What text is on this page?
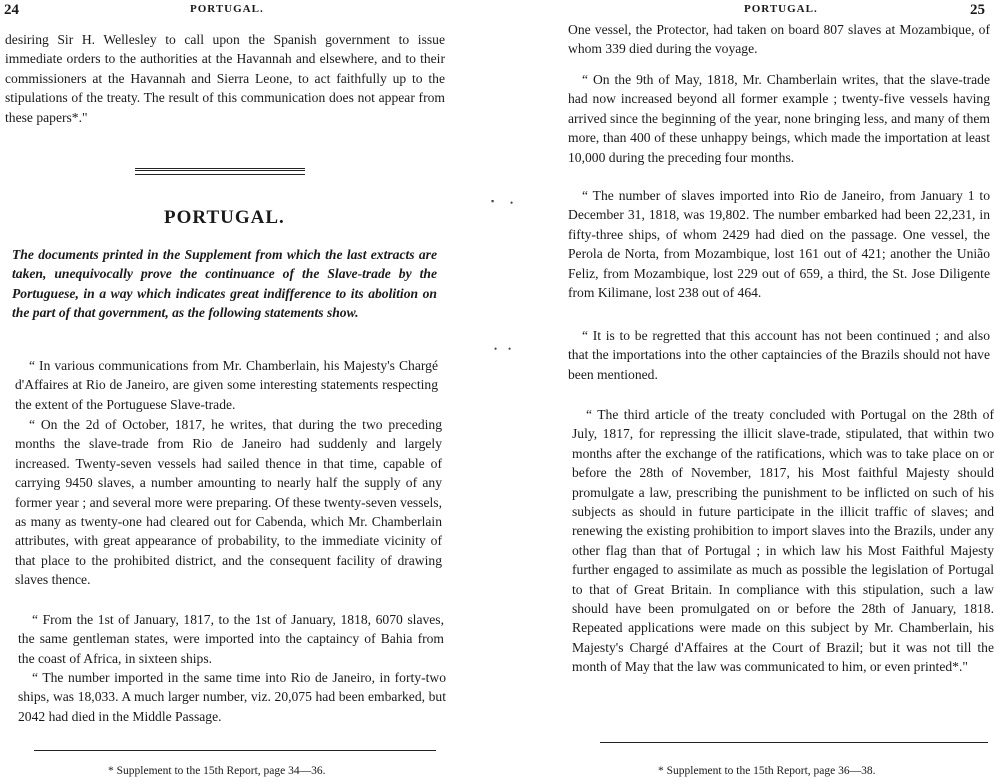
24	PORTUGAL.

desiring Sir H. Wellesley to call upon the Spanish government to issue immediate orders to the authorities at the Havannah and elsewhere, and to their commissioners at the Havannah and Sierra Leone, to act faithfully up to the stipulations of the treaty. The result of this communication does not appear from these papers*."

PORTUGAL.

The documents printed in the Supplement from which the last extracts are taken, unequivocally prove the continuance of the Slave-trade by the Portuguese, in a way which indicates great indifference to its abolition on the part of that government, as the following statements show.

“ In various communications from Mr. Chamberlain, his Majesty's Chargé d'Affaires at Rio de Janeiro, are given some interesting statements respecting the extent of the Portuguese Slave-trade.

“ On the 2d of October, 1817, he writes, that during the two preceding months the slave-trade from Rio de Janeiro had suddenly and largely increased. Twenty-seven vessels had sailed thence in that time, capable of carrying 9450 slaves, a number amounting to nearly half the supply of any former year ; and several more were preparing. Of these twenty-seven vessels, as many as twenty-one had cleared out for Cabenda, which Mr. Chamberlain attributes, with great appearance of probability, to the immediate vicinity of that place to the prohibited district, and the consequent facility of drawing slaves thence.

“ From the 1st of January, 1817, to the 1st of January, 1818, 6070 slaves, the same gentleman states, were imported into the captaincy of Bahia from the coast of Africa, in sixteen ships.

“ The number imported in the same time into Rio de Janeiro, in forty-two ships, was 18,033. A much larger number, viz. 20,075 had been embarked, but 2042 had died in the Middle Passage.

* Supplement to the 15th Report, page 34—36.
▪ •
• •
PORTUGAL.	25

One vessel, the Protector, had taken on board 807 slaves at Mozambique, of whom 339 died during the voyage.

“ On the 9th of May, 1818, Mr. Chamberlain writes, that the slave-trade had now increased beyond all former example ; twenty-five vessels having arrived since the beginning of the year, none bringing less, and many of them more, than 400 of these unhappy beings, which made the importation at least 10,000 during the preceding four months.

“ The number of slaves imported into Rio de Janeiro, from January 1 to December 31, 1818, was 19,802. The number embarked had been 22,231, in fifty-three ships, of whom 2429 had died on the passage. One vessel, the Perola de Norta, from Mozambique, lost 161 out of 421; another the União Feliz, from Mozambique, lost 229 out of 659, a third, the St. Jose Diligente from Kilimane, lost 238 out of 464.

“ It is to be regretted that this account has not been continued ; and also that the importations into the other captaincies of the Brazils should not have been mentioned.

“ The third article of the treaty concluded with Portugal on the 28th of July, 1817, for repressing the illicit slave-trade, stipulated, that within two months after the exchange of the ratifications, which was to take place on or before the 28th of November, 1817, his Most faithful Majesty should promulgate a law, prescribing the punishment to be inflicted on such of his subjects as should in future participate in the illicit traffic of slaves; and renewing the existing prohibition to import slaves into the Brazils, under any other flag than that of Portugal ; in which law his Most Faithful Majesty further engaged to assimilate as much as possible the legislation of Portugal to that of Great Britain. In compliance with this stipulation, such a law should have been promulgated on or before the 28th of January, 1818. Repeated applications were made on this subject by Mr. Chamberlain, his Majesty's Chargé d'Affaires at the Court of Brazil; but it was not till the month of May that the law was communicated to him, or even printed*."

* Supplement to the 15th Report, page 36—38.
